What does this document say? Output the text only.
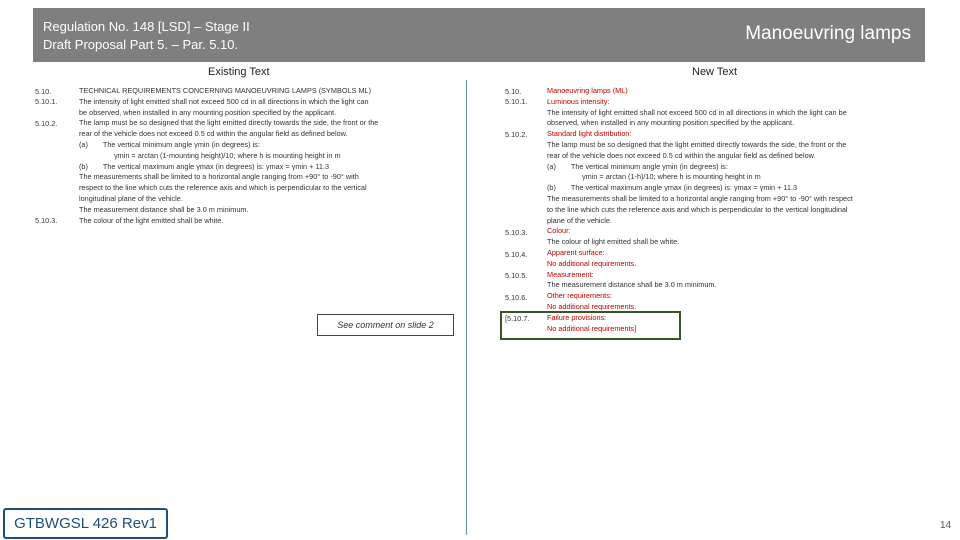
Regulation No. 148 [LSD] – Stage II
Draft Proposal Part 5. – Par. 5.10.
Manoeuvring lamps
Existing Text	New Text
5.10.
5.10.1.
5.10.2.
5.10.3.
TECHNICAL REQUIREMENTS CONCERNING MANOEUVRING LAMPS (SYMBOLS ML)
The intensity of light emitted shall not exceed 500 cd in all directions in which the light can
be observed, when installed in any mounting position specified by the applicant.
The lamp must be so designed that the light emitted directly towards the side, the front or the
rear of the vehicle does not exceed 0.5 cd within the angular field as defined below.
(a) The vertical minimum angle γmin (in degrees) is:
γmin = arctan (1-mounting height)/10; where h is mounting height in m
(b) The vertical maximum angle γmax (in degrees) is: γmax = γmin + 11.3
The measurements shall be limited to a horizontal angle ranging from +90° to -90° with
respect to the line which cuts the reference axis and which is perpendicular to the vertical
longitudinal plane of the vehicle.
The measurement distance shall be 3.0 m minimum.
The colour of the light emitted shall be white.
See comment on slide 2
5.10.
5.10.1.
5.10.2.
5.10.3.
5.10.4.
5.10.5.
5.10.6.
[5.10.7.
Manoeuvring lamps (ML)
Luminous intensity:
The intensity of light emitted shall not exceed 500 cd in all directions in which the light can be
observed, when installed in any mounting position specified by the applicant.
Standard light distribution:
The lamp must be so designed that the light emitted directly towards the side, the front or the
rear of the vehicle does not exceed 0.5 cd within the angular field as defined below.
(a) The vertical minimum angle γmin (in degrees) is:
γmin = arctan (1-h)/10; where h is mounting height in m
(b) The vertical maximum angle γmax (in degrees) is: γmax = γmin + 11.3
The measurements shall be limited to a horizontal angle ranging from +90° to -90° with respect
to the line which cuts the reference axis and which is perpendicular to the vertical longitudinal
plane of the vehicle.
Colour:
The colour of light emitted shall be white.
Apparent surface:
No additional requirements.
Measurement:
The measurement distance shall be 3.0 m minimum.
Other requirements:
No additional requirements.
Failure provisions:
No additional requirements]
GTBWGSL 426 Rev1	14
